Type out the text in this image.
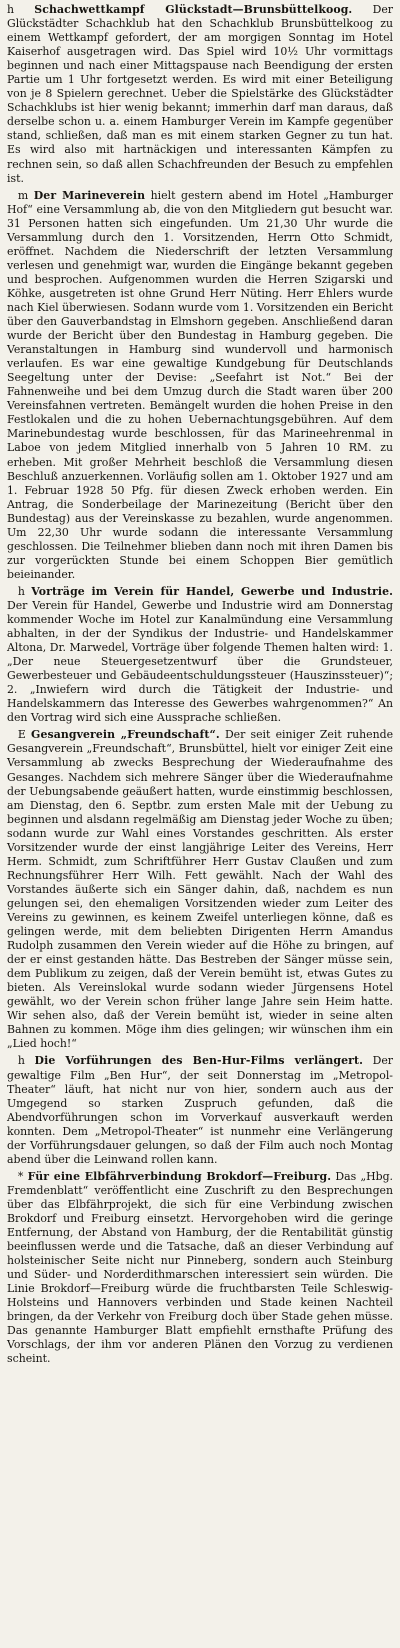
h Schachwettkampf Glückstadt—Brunsbüttelkoog. Der Glückstädter Schachklub hat den Schachklub Brunsbüttelkoog zu einem Wettkampf gefordert, der am morgigen Sonntag im Hotel Kaiserhof ausgetragen wird. Das Spiel wird 10½ Uhr vormittags beginnen und nach einer Mittagspause nach Beendigung der ersten Partie um 1 Uhr fortgesetzt werden. Es wird mit einer Beteiligung von je 8 Spielern gerechnet. Ueber die Spielstärke des Glückstädter Schachklubs ist hier wenig bekannt; immerhin darf man daraus, daß derselbe schon u. a. einem Hamburger Verein im Kampfe gegenüber stand, schließen, daß man es mit einem starken Gegner zu tun hat. Es wird also mit hartnäckigen und interessanten Kämpfen zu rechnen sein, so daß allen Schachfreunden der Besuch zu empfehlen ist.

m Der Marineverein hielt gestern abend im Hotel „Hamburger Hof“ eine Versammlung ab, die von den Mitgliedern gut besucht war. 31 Personen hatten sich eingefunden. Um 21,30 Uhr wurde die Versammlung durch den 1. Vorsitzenden, Herrn Otto Schmidt, eröffnet. Nachdem die Niederschrift der letzten Versammlung verlesen und genehmigt war, wurden die Eingänge bekannt gegeben und besprochen. Aufgenommen wurden die Herren Szigarski und Köhke, ausgetreten ist ohne Grund Herr Nüting. Herr Ehlers wurde nach Kiel überwiesen. Sodann wurde vom 1. Vorsitzenden ein Bericht über den Gauverbandstag in Elmshorn gegeben. Anschließend daran wurde der Bericht über den Bundestag in Hamburg gegeben. Die Veranstaltungen in Hamburg sind wundervoll und harmonisch verlaufen. Es war eine gewaltige Kundgebung für Deutschlands Seegeltung unter der Devise: „Seefahrt ist Not.“ Bei der Fahnenweihe und bei dem Umzug durch die Stadt waren über 200 Vereinsfahnen vertreten. Bemängelt wurden die hohen Preise in den Festlokalen und die zu hohen Uebernachtungsgebühren. Auf dem Marinebundestag wurde beschlossen, für das Marineehrenmal in Laboe von jedem Mitglied innerhalb von 5 Jahren 10 RM. zu erheben. Mit großer Mehrheit beschloß die Versammlung diesen Beschluß anzuerkennen. Vorläufig sollen am 1. Oktober 1927 und am 1. Februar 1928 50 Pfg. für diesen Zweck erhoben werden. Ein Antrag, die Sonderbeilage der Marinezeitung (Bericht über den Bundestag) aus der Vereinskasse zu bezahlen, wurde angenommen. Um 22,30 Uhr wurde sodann die interessante Versammlung geschlossen. Die Teilnehmer blieben dann noch mit ihren Damen bis zur vorgerückten Stunde bei einem Schoppen Bier gemütlich beieinander.

h Vorträge im Verein für Handel, Gewerbe und Industrie. Der Verein für Handel, Gewerbe und Industrie wird am Donnerstag kommender Woche im Hotel zur Kanalmündung eine Versammlung abhalten, in der der Syndikus der Industrie- und Handelskammer Altona, Dr. Marwedel, Vorträge über folgende Themen halten wird: 1. „Der neue Steuergesetzentwurf über die Grundsteuer, Gewerbesteuer und Gebäudeentschuldungssteuer (Hauszinssteuer)“; 2. „Inwiefern wird durch die Tätigkeit der Industrie- und Handelskammern das Interesse des Gewerbes wahrgenommen?“ An den Vortrag wird sich eine Aussprache schließen.

E Gesangverein „Freundschaft“. Der seit einiger Zeit ruhende Gesangverein „Freundschaft“, Brunsbüttel, hielt vor einiger Zeit eine Versammlung ab zwecks Besprechung der Wiederaufnahme des Gesanges. Nachdem sich mehrere Sänger über die Wiederaufnahme der Uebungsabende geäußert hatten, wurde einstimmig beschlossen, am Dienstag, den 6. Septbr. zum ersten Male mit der Uebung zu beginnen und alsdann regelmäßig am Dienstag jeder Woche zu üben; sodann wurde zur Wahl eines Vorstandes geschritten. Als erster Vorsitzender wurde der einst langjährige Leiter des Vereins, Herr Herm. Schmidt, zum Schriftführer Herr Gustav Claußen und zum Rechnungsführer Herr Wilh. Fett gewählt. Nach der Wahl des Vorstandes äußerte sich ein Sänger dahin, daß, nachdem es nun gelungen sei, den ehemaligen Vorsitzenden wieder zum Leiter des Vereins zu gewinnen, es keinem Zweifel unterliegen könne, daß es gelingen werde, mit dem beliebten Dirigenten Herrn Amandus Rudolph zusammen den Verein wieder auf die Höhe zu bringen, auf der er einst gestanden hätte. Das Bestreben der Sänger müsse sein, dem Publikum zu zeigen, daß der Verein bemüht ist, etwas Gutes zu bieten. Als Vereinslokal wurde sodann wieder Jürgensens Hotel gewählt, wo der Verein schon früher lange Jahre sein Heim hatte. Wir sehen also, daß der Verein bemüht ist, wieder in seine alten Bahnen zu kommen. Möge ihm dies gelingen; wir wünschen ihm ein „Lied hoch!“

h Die Vorführungen des Ben-Hur-Films verlängert. Der gewaltige Film „Ben Hur“, der seit Donnerstag im „Metropol-Theater“ läuft, hat nicht nur von hier, sondern auch aus der Umgegend so starken Zuspruch gefunden, daß die Abendvorführungen schon im Vorverkauf ausverkauft werden konnten. Dem „Metropol-Theater“ ist nunmehr eine Verlängerung der Vorführungsdauer gelungen, so daß der Film auch noch Montag abend über die Leinwand rollen kann.

* Für eine Elbfährverbindung Brokdorf—Freiburg. Das „Hbg. Fremdenblatt“ veröffentlicht eine Zuschrift zu den Besprechungen über das Elbfährprojekt, die sich für eine Verbindung zwischen Brokdorf und Freiburg einsetzt. Hervorgehoben wird die geringe Entfernung, der Abstand von Hamburg, der die Rentabilität günstig beeinflussen werde und die Tatsache, daß an dieser Verbindung auf holsteinischer Seite nicht nur Pinneberg, sondern auch Steinburg und Süder- und Norderdithmarschen interessiert sein würden. Die Linie Brokdorf—Freiburg würde die fruchtbarsten Teile Schleswig-Holsteins und Hannovers verbinden und Stade keinen Nachteil bringen, da der Verkehr von Freiburg doch über Stade gehen müsse. Das genannte Hamburger Blatt empfiehlt ernsthafte Prüfung des Vorschlags, der ihm vor anderen Plänen den Vorzug zu verdienen scheint.
